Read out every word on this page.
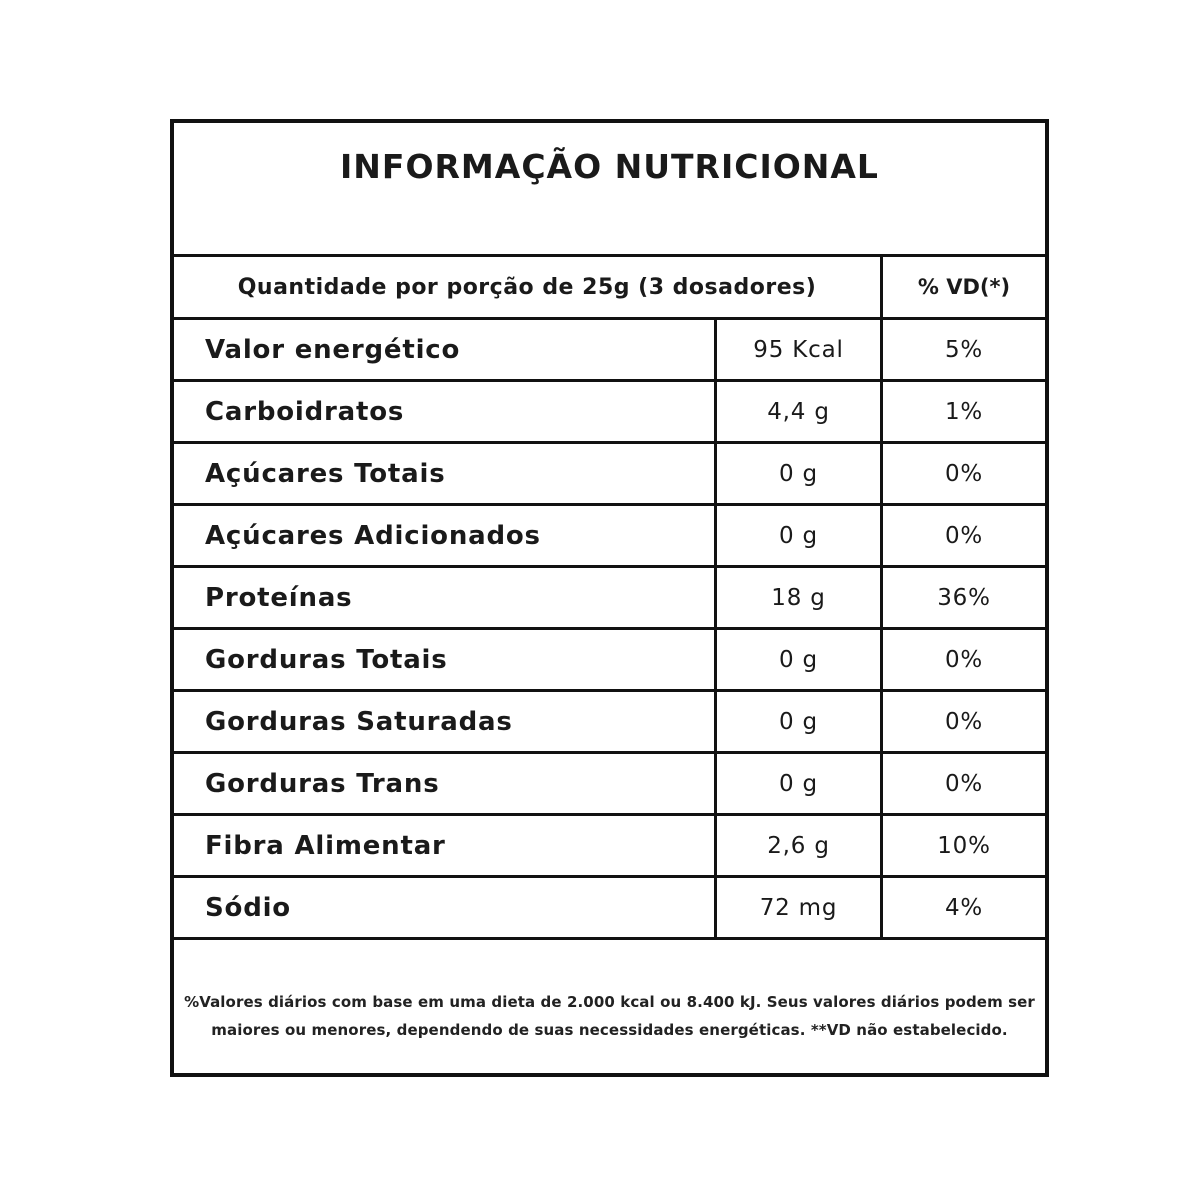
INFORMAÇÃO NUTRICIONAL
Quantidade por porção de 25g (3 dosadores)	% VD(*)
Valor energético	95 Kcal	5%
Carboidratos	4,4 g	1%
Açúcares Totais	0 g	0%
Açúcares Adicionados	0 g	0%
Proteínas	18 g	36%
Gorduras Totais	0 g	0%
Gorduras Saturadas	0 g	0%
Gorduras Trans	0 g	0%
Fibra Alimentar	2,6 g	10%
Sódio	72 mg	4%
%Valores diários com base em uma dieta de 2.000 kcal ou 8.400 kJ. Seus valores diários podem ser
maiores ou menores, dependendo de suas necessidades energéticas. **VD não estabelecido.
